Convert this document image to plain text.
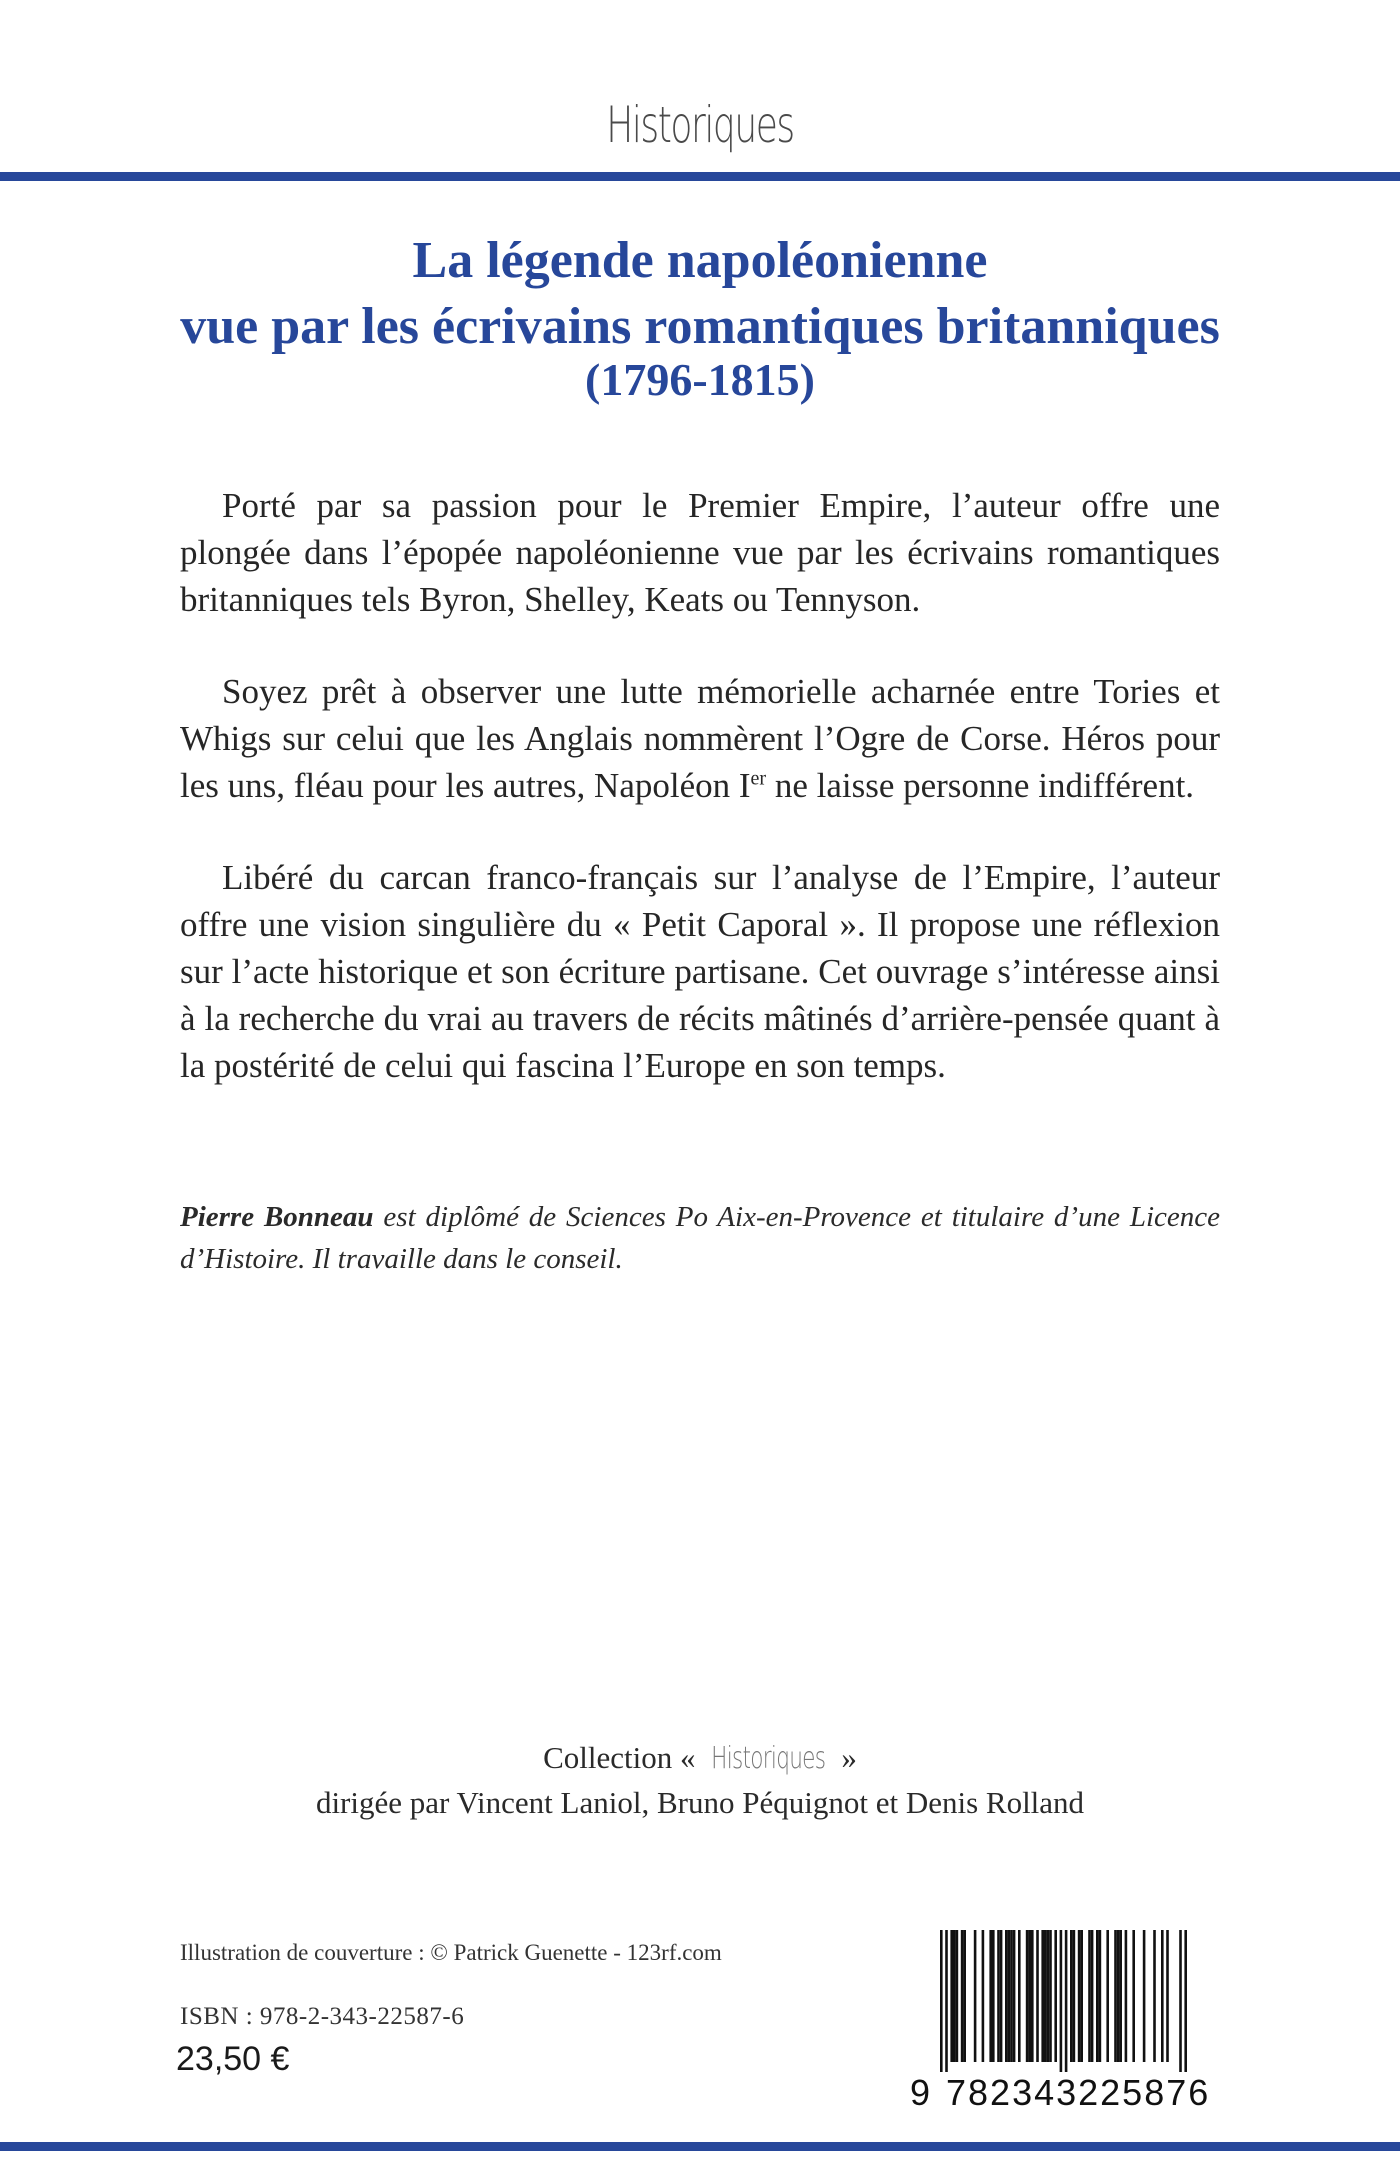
Historiques
La légende napoléonienne
vue par les écrivains romantiques britanniques
(1796-1815)

Porté par sa passion pour le Premier Empire, l’auteur offre une plongée dans l’épopée napoléonienne vue par les écrivains romantiques britanniques tels Byron, Shelley, Keats ou Tennyson.

Soyez prêt à observer une lutte mémorielle acharnée entre Tories et Whigs sur celui que les Anglais nommèrent l’Ogre de Corse. Héros pour les uns, fléau pour les autres, Napoléon Ier ne laisse personne indifférent.

Libéré du carcan franco-français sur l’analyse de l’Empire, l’auteur offre une vision singulière du « Petit Caporal ». Il propose une réflexion sur l’acte historique et son écriture partisane. Cet ouvrage s’intéresse ainsi à la recherche du vrai au travers de récits mâtinés d’arrière-pensée quant à la postérité de celui qui fascina l’Europe en son temps.

Pierre Bonneau est diplômé de Sciences Po Aix-en-Provence et titulaire d’une Licence d’Histoire. Il travaille dans le conseil.

Collection « Historiques »
dirigée par Vincent Laniol, Bruno Péquignot et Denis Rolland
Illustration de couverture : © Patrick Guenette - 123rf.com
ISBN : 978-2-343-22587-6
23,50 €
9 782343225876
